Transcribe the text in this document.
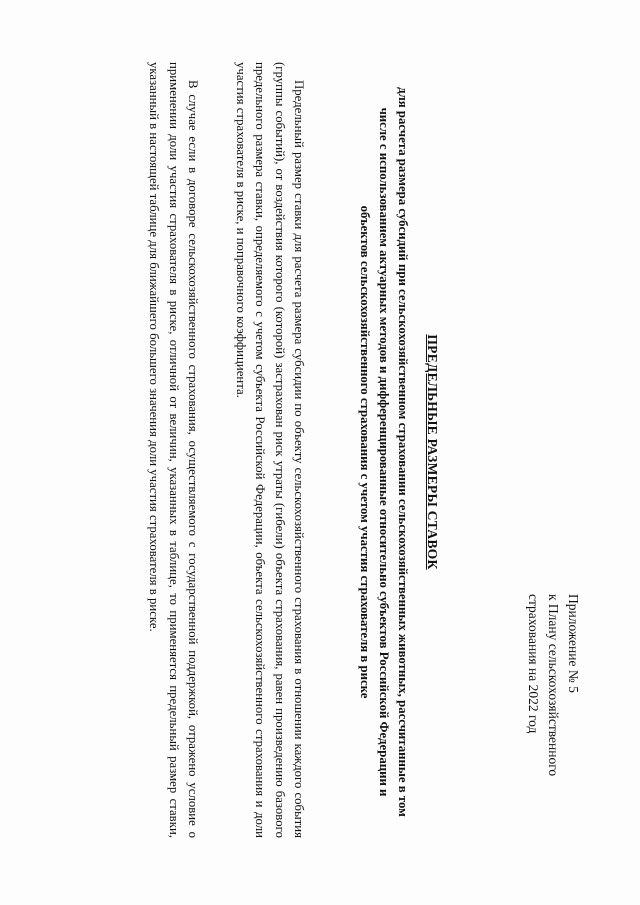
Приложение № 5
к Плану сельскохозяйственного
страхования на 2022 год
ПРЕДЕЛЬНЫЕ РАЗМЕРЫ СТАВОК
для расчета размера субсидий при сельскохозяйственном страховании сельскохозяйственных животных, рассчитанные в том числе с использованием актуарных методов и дифференцированные относительно субъектов Российской Федерации и объектов сельскохозяйственного страхования с учетом участия страхователя в риске
Предельный размер ставки для расчета размера субсидии по объекту сельскохозяйственного страхования в отношении каждого события (группы событий), от воздействия которого (которой) застрахован риск утраты (гибели) объекта страхования, равен произведению базового предельного размера ставки, определяемого с учетом субъекта Российской Федерации, объекта сельскохозяйственного страхования и доли участия страхователя в риске, и поправочного коэффициента.
В случае если в договоре сельскохозяйственного страхования, осуществляемого с государственной поддержкой, отражено условие о применении доли участия страхователя в риске, отличной от величин, указанных в таблице, то применяется предельный размер ставки, указанный в настоящей таблице для ближайшего большего значения доли участия страхователя в риске.
